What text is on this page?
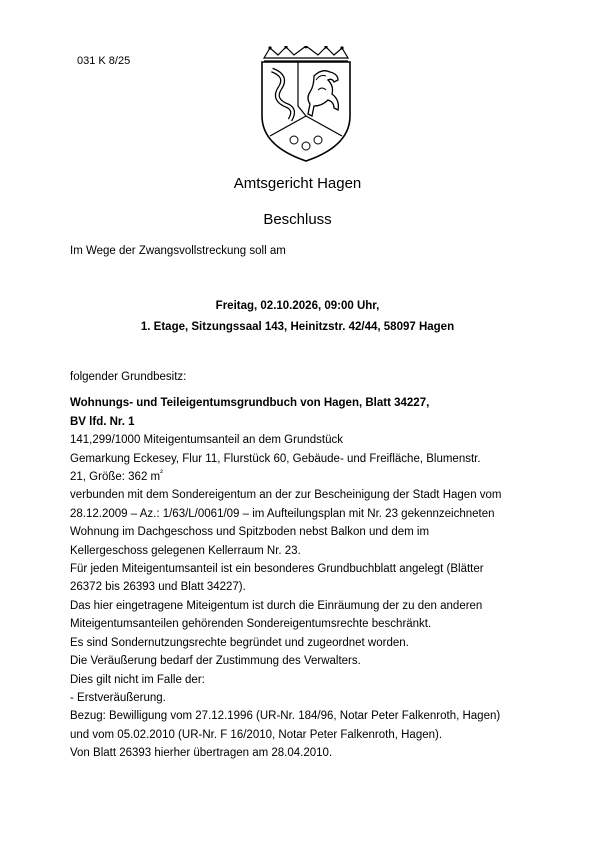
031 K 8/25
Amtsgericht Hagen
Beschluss
Im Wege der Zwangsvollstreckung soll am
Freitag, 02.10.2026, 09:00 Uhr,
1. Etage, Sitzungssaal 143, Heinitzstr. 42/44, 58097 Hagen
folgender Grundbesitz:
Wohnungs- und Teileigentumsgrundbuch von Hagen, Blatt 34227,
BV lfd. Nr. 1
141,299/1000 Miteigentumsanteil an dem Grundstück
Gemarkung Eckesey, Flur 11, Flurstück 60, Gebäude- und Freifläche, Blumenstr.
21, Größe: 362 $m^{^2}$
verbunden mit dem Sondereigentum an der zur Bescheinigung der Stadt Hagen vom
28.12.2009 – Az.: 1/63/L/0061/09 – im Aufteilungsplan mit Nr. 23 gekennzeichneten
Wohnung im Dachgeschoss und Spitzboden nebst Balkon und dem im
Kellergeschoss gelegenen Kellerraum Nr. 23.
Für jeden Miteigentumsanteil ist ein besonderes Grundbuchblatt angelegt (Blätter
26372 bis 26393 und Blatt 34227).
Das hier eingetragene Miteigentum ist durch die Einräumung der zu den anderen
Miteigentumsanteilen gehörenden Sondereigentumsrechte beschränkt.
Es sind Sondernutzungsrechte begründet und zugeordnet worden.
Die Veräußerung bedarf der Zustimmung des Verwalters.
Dies gilt nicht im Falle der:
- Erstveräußerung.
Bezug: Bewilligung vom 27.12.1996 (UR-Nr. 184/96, Notar Peter Falkenroth, Hagen)
und vom 05.02.2010 (UR-Nr. F 16/2010, Notar Peter Falkenroth, Hagen).
Von Blatt 26393 hierher übertragen am 28.04.2010.
